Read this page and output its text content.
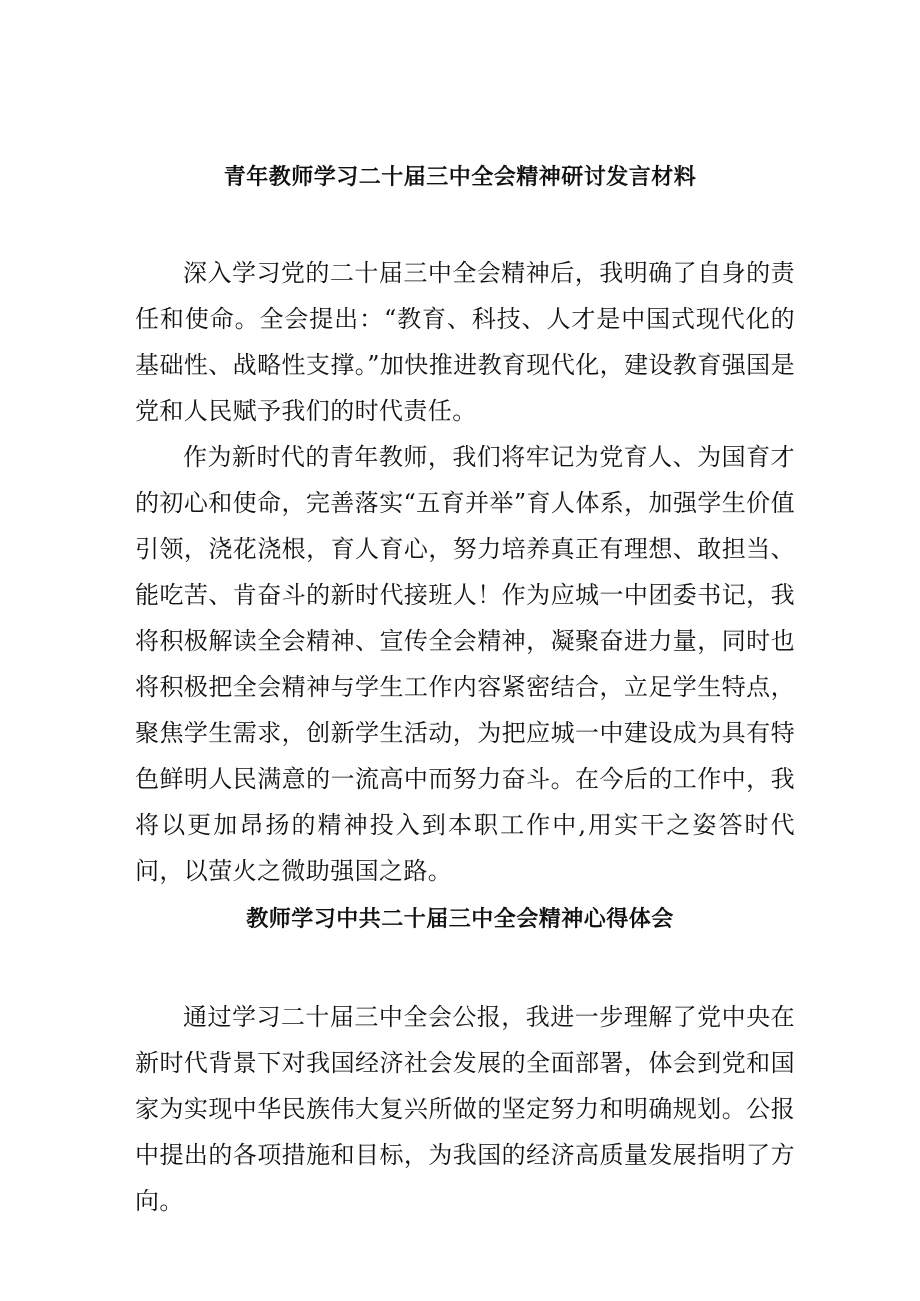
青年教师学习二十届三中全会精神研讨发言材料

深入学习党的二十届三中全会精神后，我明确了自身的责任和使命。全会提出：“教育、科技、人才是中国式现代化的基础性、战略性支撑。”加快推进教育现代化，建设教育强国是党和人民赋予我们的时代责任。

作为新时代的青年教师，我们将牢记为党育人、为国育才的初心和使命，完善落实“五育并举”育人体系，加强学生价值引领，浇花浇根，育人育心，努力培养真正有理想、敢担当、能吃苦、肯奋斗的新时代接班人！作为应城一中团委书记，我将积极解读全会精神、宣传全会精神，凝聚奋进力量，同时也将积极把全会精神与学生工作内容紧密结合，立足学生特点，聚焦学生需求，创新学生活动，为把应城一中建设成为具有特色鲜明人民满意的一流高中而努力奋斗。在今后的工作中，我将以更加昂扬的精神投入到本职工作中,用实干之姿答时代问，以萤火之微助强国之路。

教师学习中共二十届三中全会精神心得体会

通过学习二十届三中全会公报，我进一步理解了党中央在新时代背景下对我国经济社会发展的全面部署，体会到党和国家为实现中华民族伟大复兴所做的坚定努力和明确规划。公报中提出的各项措施和目标，为我国的经济高质量发展指明了方向。
